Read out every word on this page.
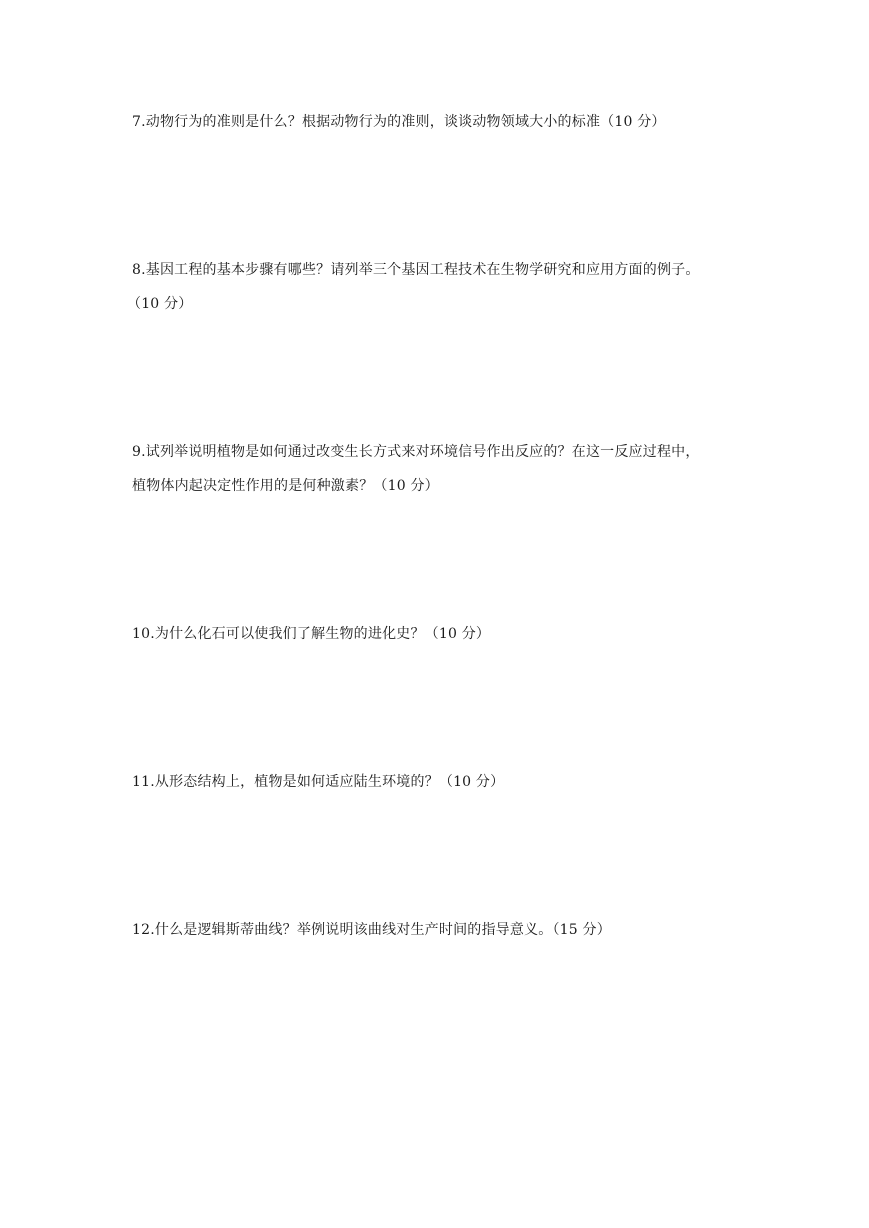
7.动物行为的准则是什么？根据动物行为的准则，谈谈动物领域大小的标准（10 分）
8.基因工程的基本步骤有哪些？请列举三个基因工程技术在生物学研究和应用方面的例子。
（10 分）
9.试列举说明植物是如何通过改变生长方式来对环境信号作出反应的？在这一反应过程中，
植物体内起决定性作用的是何种激素？（10 分）
10.为什么化石可以使我们了解生物的进化史？（10 分）
11.从形态结构上，植物是如何适应陆生环境的？（10 分）
12.什么是逻辑斯蒂曲线？举例说明该曲线对生产时间的指导意义。（15 分）
